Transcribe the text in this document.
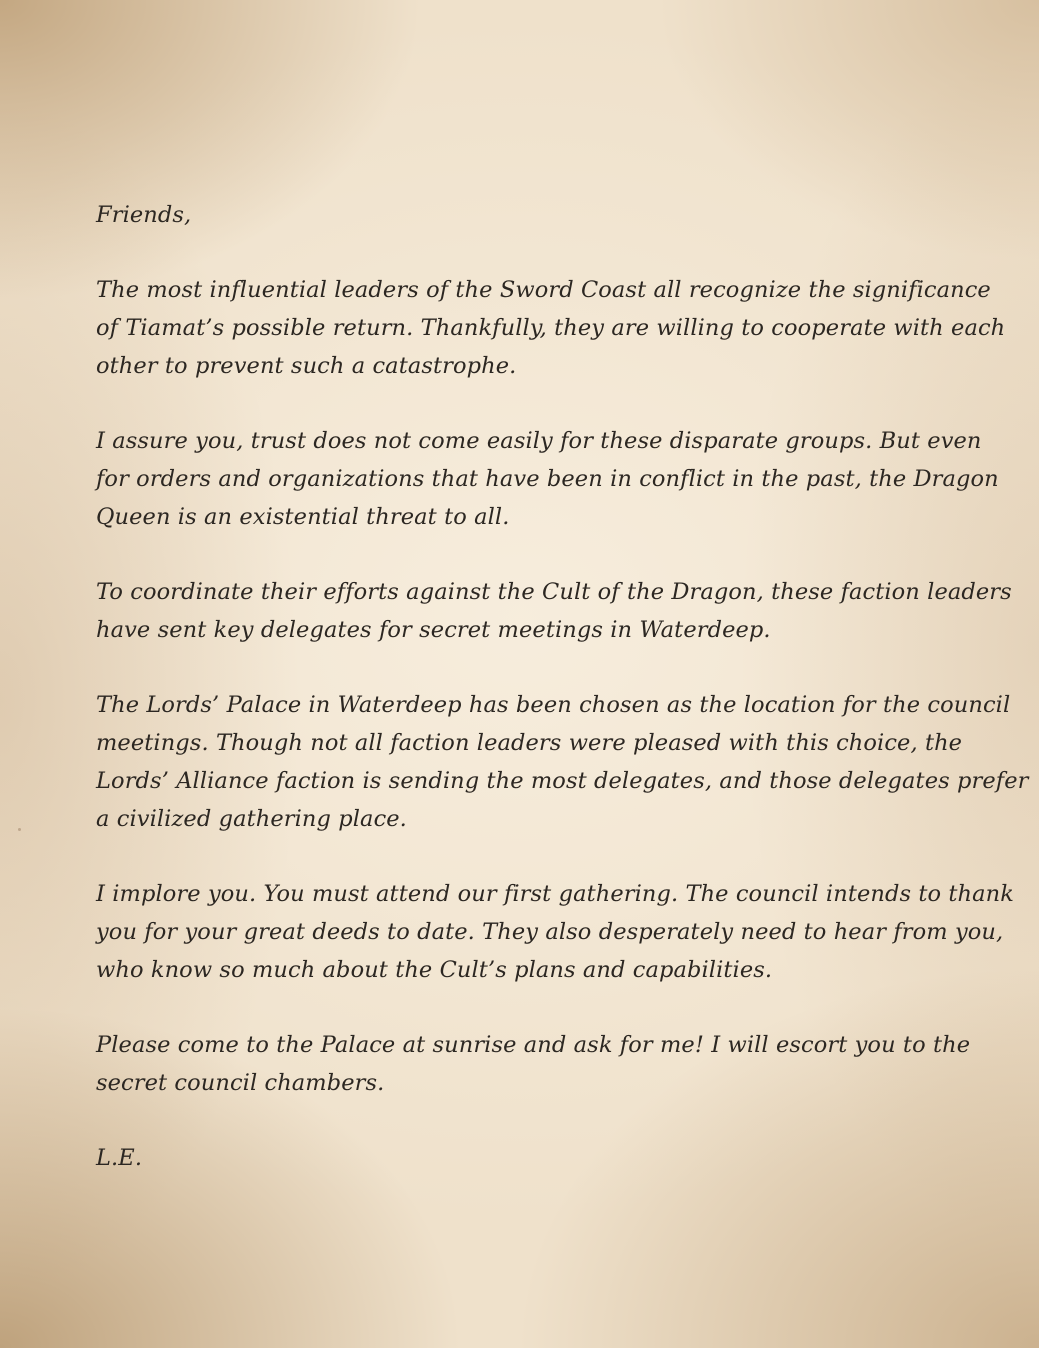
Friends,
The most influential leaders of the Sword Coast all recognize the significance
of Tiamat’s possible return. Thankfully, they are willing to cooperate with each
other to prevent such a catastrophe.
I assure you, trust does not come easily for these disparate groups. But even
for orders and organizations that have been in conflict in the past, the Dragon
Queen is an existential threat to all.
To coordinate their efforts against the Cult of the Dragon, these faction leaders
have sent key delegates for secret meetings in Waterdeep.
The Lords’ Palace in Waterdeep has been chosen as the location for the council
meetings. Though not all faction leaders were pleased with this choice, the
Lords’ Alliance faction is sending the most delegates, and those delegates prefer
a civilized gathering place.
I implore you. You must attend our first gathering. The council intends to thank
you for your great deeds to date. They also desperately need to hear from you,
who know so much about the Cult’s plans and capabilities.
Please come to the Palace at sunrise and ask for me! I will escort you to the
secret council chambers.
L.E.
